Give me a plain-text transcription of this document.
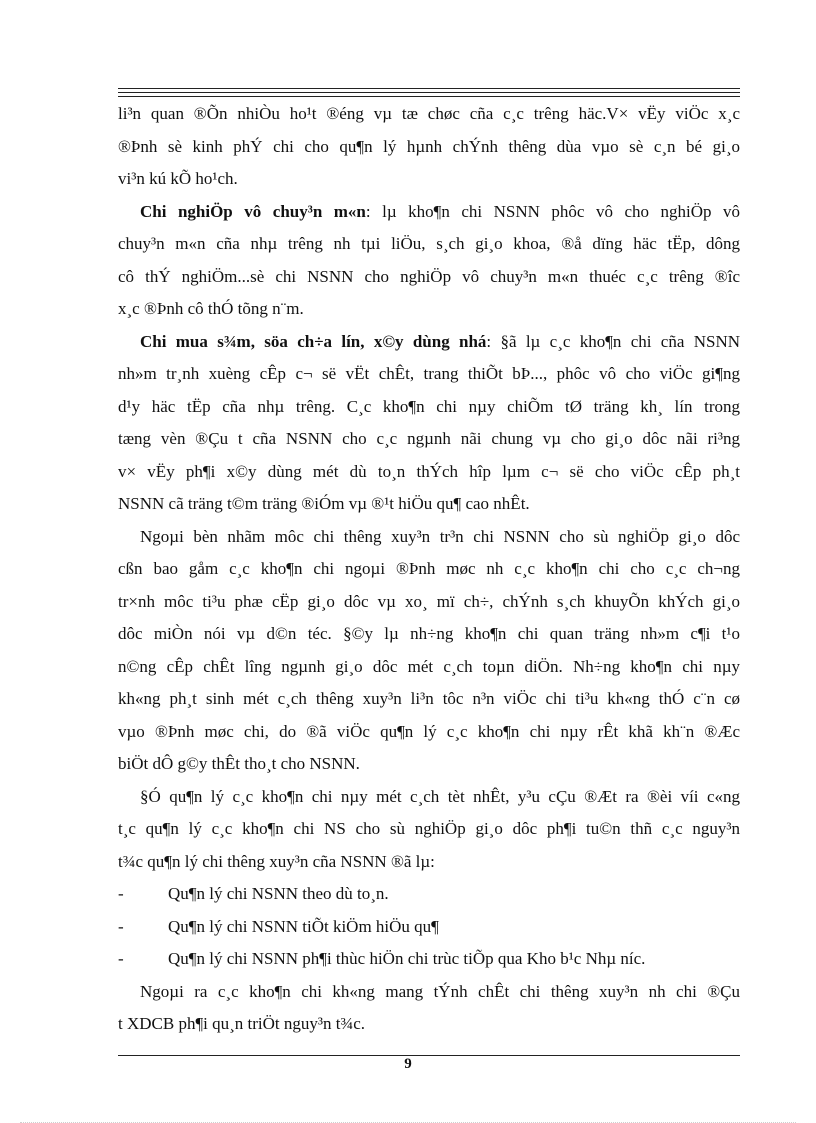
li³n quan ®Õn nhiÒu ho¹t ®éng vµ tæ chøc cña c¸c trêng häc.V× vËy viÖc x¸c
®Þnh sè kinh phÝ chi cho qu¶n lý hµnh chÝnh thêng dùa vµo sè c¸n bé gi¸o
vi³n kú kÕ ho¹ch.
Chi nghiÖp vô chuy³n m«n: lµ kho¶n chi NSNN phôc vô cho nghiÖp vô
chuy³n m«n cña nhµ trêng nh tµi liÖu, s¸ch gi¸o khoa, ®å dïng häc tËp, dông
cô thÝ nghiÖm...sè chi NSNN cho nghiÖp vô chuy³n m«n thuéc c¸c trêng ®îc
x¸c ®Þnh cô thÓ tõng n¨m.
Chi mua s¾m, söa ch÷a lín, x©y dùng nhá: §ã lµ c¸c kho¶n chi cña NSNN
nh»m tr¸nh xuèng cÊp c¬ së vËt chÊt, trang thiÕt bÞ..., phôc vô cho viÖc gi¶ng
d¹y häc tËp cña nhµ trêng. C¸c kho¶n chi nµy chiÕm tØ träng kh¸ lín trong
tæng vèn ®Çu t cña NSNN cho c¸c ngµnh nãi chung vµ cho gi¸o dôc nãi ri³ng
v× vËy ph¶i x©y dùng mét dù to¸n thÝch hîp lµm c¬ së cho viÖc cÊp ph¸t
NSNN cã träng t©m träng ®iÓm vµ ®¹t hiÖu qu¶ cao nhÊt.
Ngoµi bèn nhãm môc chi thêng xuy³n tr³n chi NSNN cho sù nghiÖp gi¸o dôc
cßn bao gåm c¸c kho¶n chi ngoµi ®Þnh møc nh c¸c kho¶n chi cho c¸c ch¬ng
tr×nh môc ti³u phæ cËp gi¸o dôc vµ xo¸ mï ch÷, chÝnh s¸ch khuyÕn khÝch gi¸o
dôc miÒn nói vµ d©n téc. §©y lµ nh÷ng kho¶n chi quan träng nh»m c¶i t¹o
n©ng cÊp chÊt lîng ngµnh gi¸o dôc mét c¸ch toµn diÖn. Nh÷ng kho¶n chi nµy
kh«ng ph¸t sinh mét c¸ch thêng xuy³n li³n tôc n³n viÖc chi ti³u kh«ng thÓ c¨n cø
vµo ®Þnh møc chi, do ®ã viÖc qu¶n lý c¸c kho¶n chi nµy rÊt khã kh¨n ®Æc
biÖt dÔ g©y thÊt tho¸t cho NSNN.
§Ó qu¶n lý c¸c kho¶n chi nµy mét c¸ch tèt nhÊt, y³u cÇu ®Æt ra ®èi víi c«ng
t¸c qu¶n lý c¸c kho¶n chi NS cho sù nghiÖp gi¸o dôc ph¶i tu©n thñ c¸c nguy³n
t¾c qu¶n lý chi thêng xuy³n cña NSNN ®ã lµ:
-	Qu¶n lý chi NSNN theo dù to¸n.
-	Qu¶n lý chi NSNN tiÕt kiÖm hiÖu qu¶
-	Qu¶n lý chi NSNN ph¶i thùc hiÖn chi trùc tiÕp qua Kho b¹c Nhµ níc.
Ngoµi ra c¸c kho¶n chi kh«ng mang tÝnh chÊt chi thêng xuy³n nh chi ®Çu
t XDCB ph¶i qu¸n triÖt nguy³n t¾c.
9
